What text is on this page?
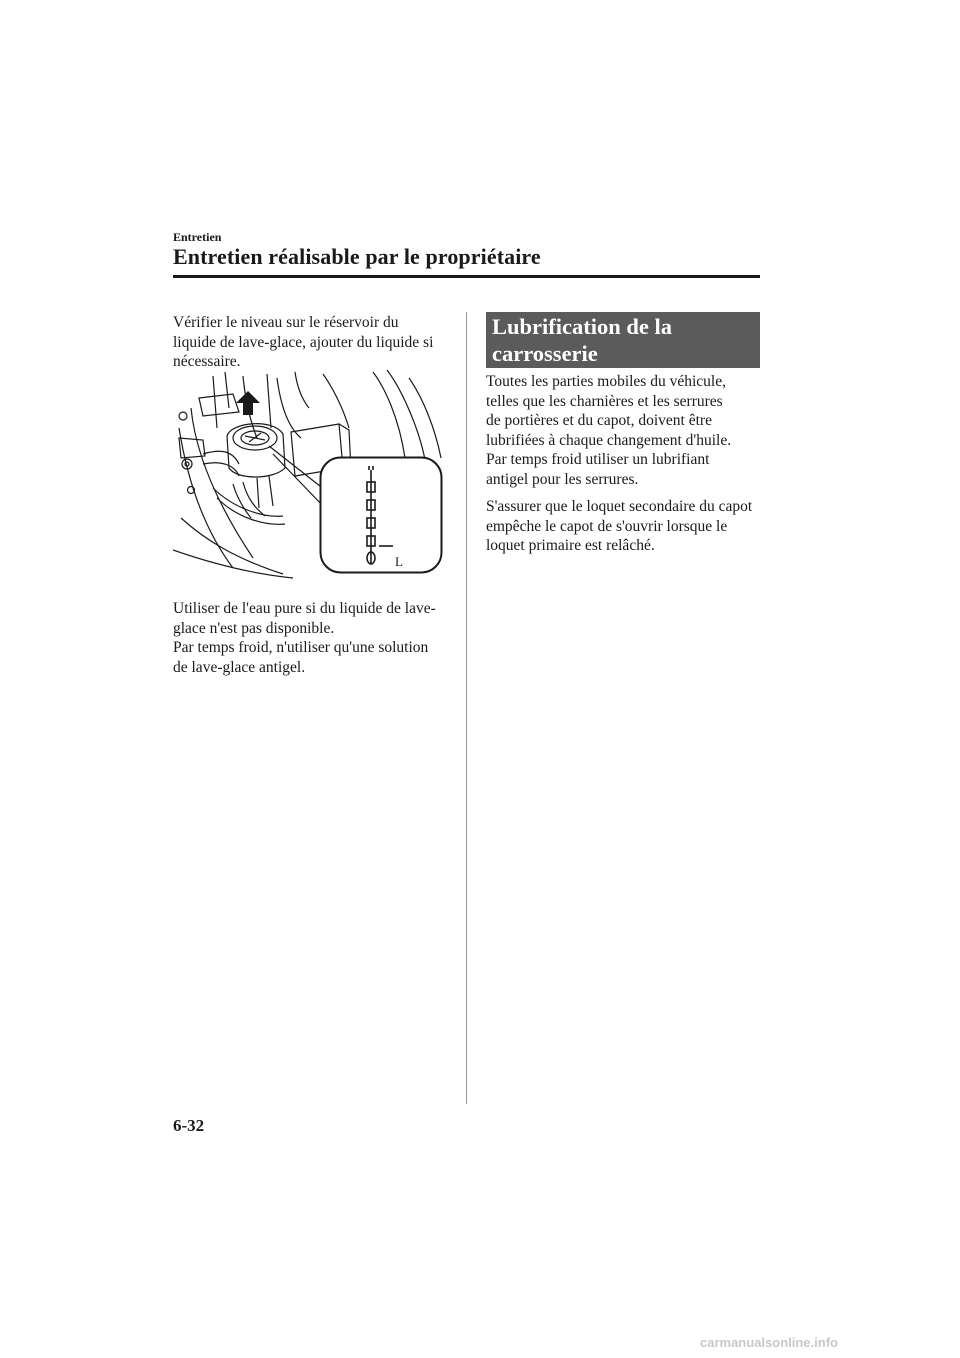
Entretien
Entretien réalisable par le propriétaire

Vérifier le niveau sur le réservoir du
liquide de lave-glace, ajouter du liquide si
nécessaire.

L

Utiliser de l'eau pure si du liquide de lave-
glace n'est pas disponible.
Par temps froid, n'utiliser qu'une solution
de lave-glace antigel.

Lubrification de la
carrosserie

Toutes les parties mobiles du véhicule,
telles que les charnières et les serrures
de portières et du capot, doivent être
lubrifiées à chaque changement d'huile.
Par temps froid utiliser un lubrifiant
antigel pour les serrures.

S'assurer que le loquet secondaire du capot
empêche le capot de s'ouvrir lorsque le
loquet primaire est relâché.

6-32
carmanualsonline.info
